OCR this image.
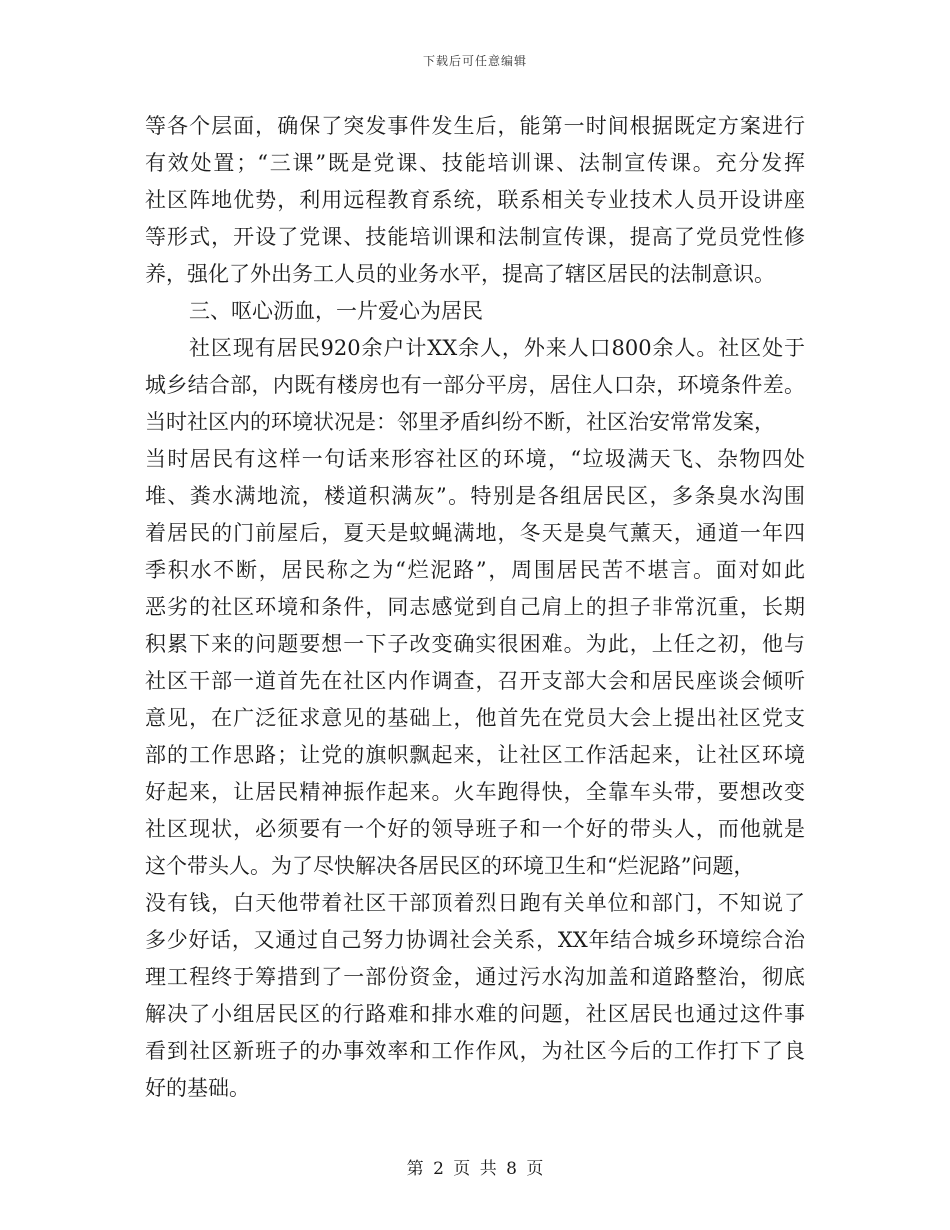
下载后可任意编辑
等各个层面，确保了突发事件发生后，能第一时间根据既定方案进行
有效处置；“三课”既是党课、技能培训课、法制宣传课。充分发挥
社区阵地优势，利用远程教育系统，联系相关专业技术人员开设讲座
等形式，开设了党课、技能培训课和法制宣传课，提高了党员党性修
养，强化了外出务工人员的业务水平，提高了辖区居民的法制意识。
三、呕心沥血，一片爱心为居民
社区现有居民920余户计XX余人，外来人口800余人。社区处于
城乡结合部，内既有楼房也有一部分平房，居住人口杂，环境条件差。
当时社区内的环境状况是：邻里矛盾纠纷不断，社区治安常常发案，
当时居民有这样一句话来形容社区的环境，“垃圾满天飞、杂物四处
堆、粪水满地流，楼道积满灰”。特别是各组居民区，多条臭水沟围
着居民的门前屋后，夏天是蚊蝇满地，冬天是臭气薰天，通道一年四
季积水不断，居民称之为“烂泥路”，周围居民苦不堪言。面对如此
恶劣的社区环境和条件，同志感觉到自己肩上的担子非常沉重，长期
积累下来的问题要想一下子改变确实很困难。为此，上任之初，他与
社区干部一道首先在社区内作调查，召开支部大会和居民座谈会倾听
意见，在广泛征求意见的基础上，他首先在党员大会上提出社区党支
部的工作思路；让党的旗帜飘起来，让社区工作活起来，让社区环境
好起来，让居民精神振作起来。火车跑得快，全靠车头带，要想改变
社区现状，必须要有一个好的领导班子和一个好的带头人，而他就是
这个带头人。为了尽快解决各居民区的环境卫生和“烂泥路”问题，
没有钱，白天他带着社区干部顶着烈日跑有关单位和部门，不知说了
多少好话，又通过自己努力协调社会关系，XX年结合城乡环境综合治
理工程终于筹措到了一部份资金，通过污水沟加盖和道路整治，彻底
解决了小组居民区的行路难和排水难的问题，社区居民也通过这件事
看到社区新班子的办事效率和工作作风，为社区今后的工作打下了良
好的基础。
第 2 页 共 8 页
